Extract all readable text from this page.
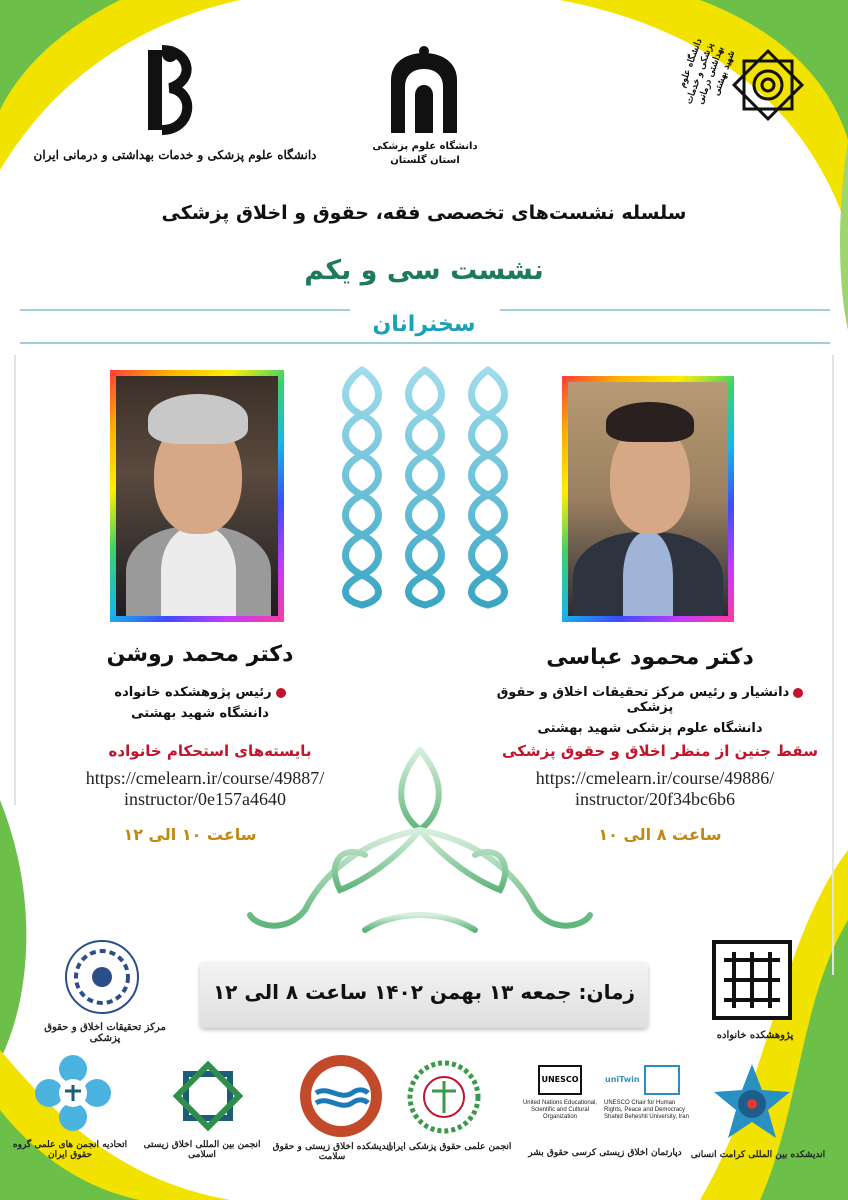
دانشگاه علوم پزشکی و خدمات بهداشتی و درمانی ایران
دانشگاه علوم پزشکی
استان گلستان
دانشگاه علوم پزشکی و خدمات بهداشتی درمانی شهید بهشتی
سلسله نشست‌های تخصصی فقه، حقوق و اخلاق پزشکی
نشست سی و یکم
سخنرانان
دکتر محمود عباسی
دانشیار و رئیس مرکز تحقیقات اخلاق و حقوق پزشکی
دانشگاه علوم پزشکی شهید بهشتی
سقط جنین از منظر اخلاق و حقوق پزشکی
https://cmelearn.ir/course/49886/
instructor/20f34bc6b6
ساعت ۸ الی ۱۰
دکتر محمد روشن
رئیس پژوهشکده خانواده
دانشگاه شهید بهشتی
بایسته‌های استحکام خانواده
https://cmelearn.ir/course/49887/
instructor/0e157a4640
ساعت ۱۰ الی ۱۲
زمان: جمعه ۱۳ بهمن ۱۴۰۲ ساعت ۸ الی ۱۲
مرکز تحقیقات اخلاق و حقوق پزشکی	پژوهشکده خانواده
اندیشکده بین المللی کرامت انسانی
UNESCO
United Nations Educational, Scientific and Cultural Organization
uniTwin
UNESCO Chair for Human Rights, Peace and Democracy Shahid Beheshti University, Iran
دپارتمان اخلاق زیستی کرسی حقوق بشر
انجمن علمی حقوق پزشکی ایران
اندیشکده اخلاق زیستی و حقوق سلامت
انجمن بین المللی اخلاق زیستی اسلامی
اتحادیه انجمن های علمی گروه حقوق ایران
